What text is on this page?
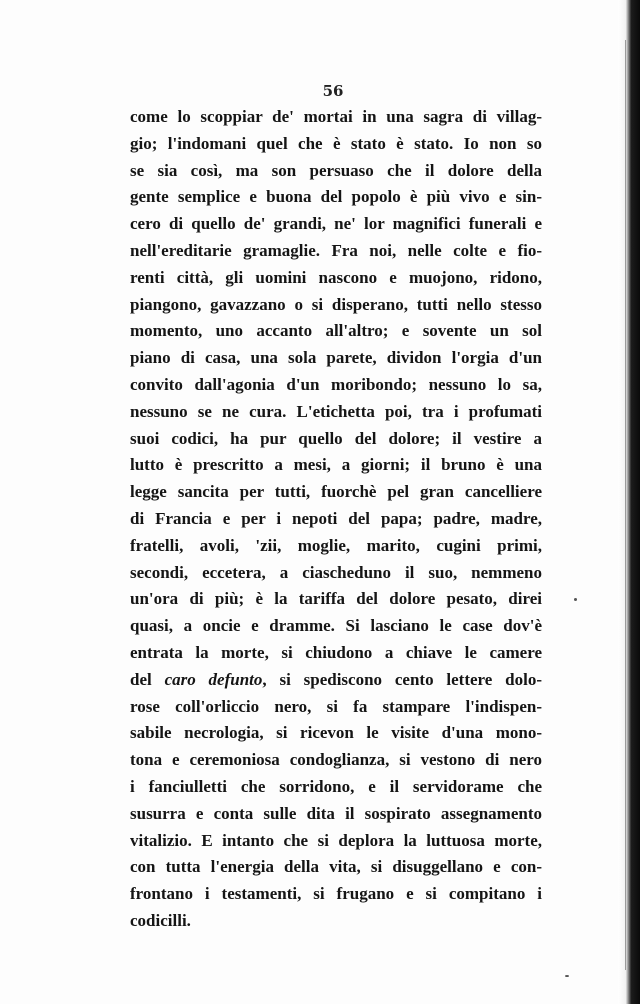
56
come lo scoppiar de' mortai in una sagra di villag-
gio; l'indomani quel che è stato è stato. Io non so
se sia così, ma son persuaso che il dolore della
gente semplice e buona del popolo è più vivo e sin-
cero di quello de' grandi, ne' lor magnifici funerali e
nell'ereditarie gramaglie. Fra noi, nelle colte e fio-
renti città, gli uomini nascono e muojono, ridono,
piangono, gavazzano o si disperano, tutti nello stesso
momento, uno accanto all'altro; e sovente un sol
piano di casa, una sola parete, dividon l'orgia d'un
convito dall'agonia d'un moribondo; nessuno lo sa,
nessuno se ne cura. L'etichetta poi, tra i profumati
suoi codici, ha pur quello del dolore; il vestire a
lutto è prescritto a mesi, a giorni; il bruno è una
legge sancita per tutti, fuorchè pel gran cancelliere
di Francia e per i nepoti del papa; padre, madre,
fratelli, avoli, 'zii, moglie, marito, cugini primi,
secondi, eccetera, a ciascheduno il suo, nemmeno
un'ora di più; è la tariffa del dolore pesato, direi
quasi, a oncie e dramme. Si lasciano le case dov'è
entrata la morte, si chiudono a chiave le camere
del caro defunto, si spediscono cento lettere dolo-
rose coll'orliccio nero, si fa stampare l'indispen-
sabile necrologia, si ricevon le visite d'una mono-
tona e ceremoniosa condoglianza, si vestono di nero
i fanciulletti che sorridono, e il servidorame che
susurra e conta sulle dita il sospirato assegnamento
vitalizio. E intanto che si deplora la luttuosa morte,
con tutta l'energia della vita, si disuggellano e con-
frontano i testamenti, si frugano e si compitano i
codicilli.
